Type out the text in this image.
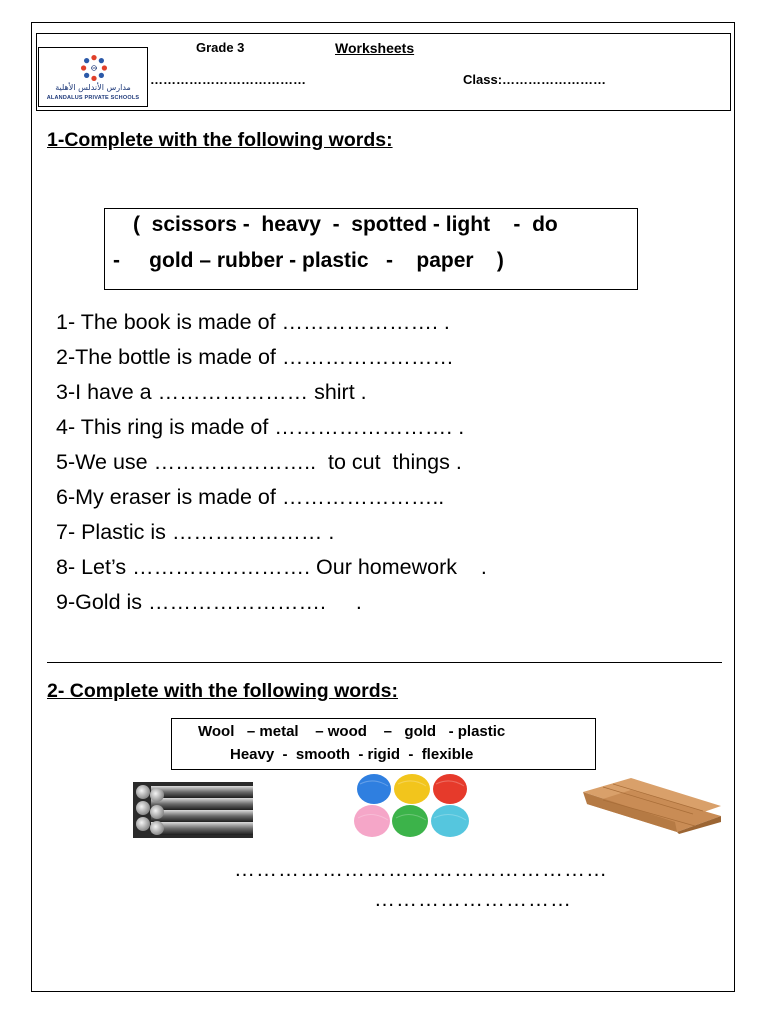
1984
مدارس الأندلس الأهلية
ALANDALUS PRIVATE SCHOOLS
Grade 3	Worksheets
………………………………	Class:……………………
1-Complete with the following words:
(  scissors -  heavy  -  spotted - light    -  do
-     gold – rubber - plastic   -    paper    )
1- The book is made of …………………. .
2-The bottle is made of ……………………
3-I have a ………………… shirt .
4- This ring is made of ……………………. .
5-We use …………………..  to cut  things .
6-My eraser is made of …………………..
7- Plastic is ………………… .
8- Let’s ……………………. Our homework    .
9-Gold is …………………….     .
2- Complete with the following words:
Wool   – metal    – wood    –   gold   - plastic
Heavy  -  smooth  - rigid  -  flexible
……………………………………………
………………………
